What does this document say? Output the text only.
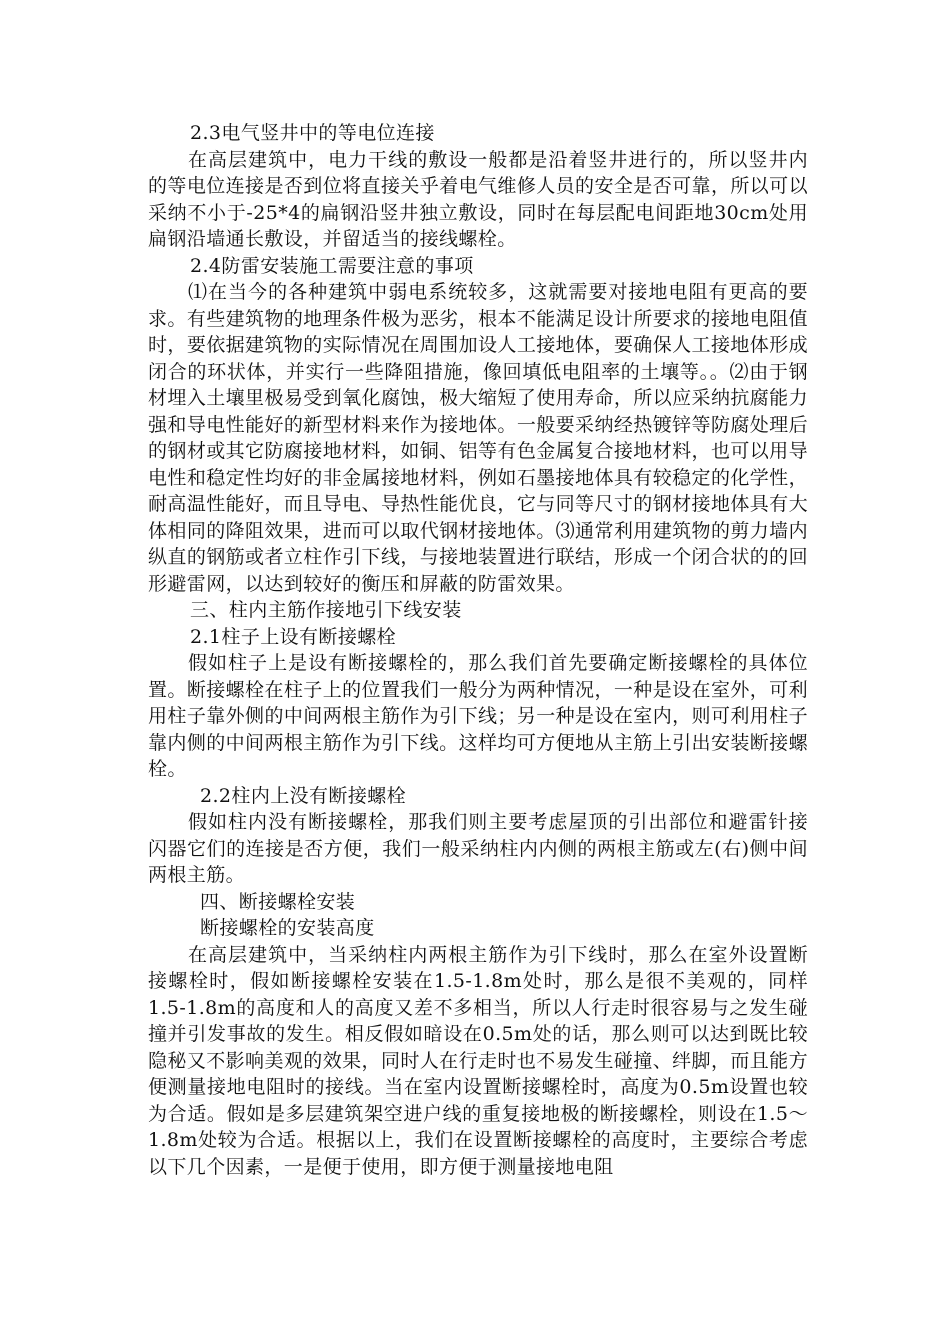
2.3电气竖井中的等电位连接

在高层建筑中，电力干线的敷设一般都是沿着竖井进行的，所以竖井内的等电位连接是否到位将直接关乎着电气维修人员的安全是否可靠，所以可以采纳不小于-25*4的扁钢沿竖井独立敷设，同时在每层配电间距地30cm处用扁钢沿墙通长敷设，并留适当的接线螺栓。

2.4防雷安装施工需要注意的事项

⑴在当今的各种建筑中弱电系统较多，这就需要对接地电阻有更高的要求。有些建筑物的地理条件极为恶劣，根本不能满足设计所要求的接地电阻值时，要依据建筑物的实际情况在周围加设人工接地体，要确保人工接地体形成闭合的环状体，并实行一些降阻措施，像回填低电阻率的土壤等。。⑵由于钢材埋入土壤里极易受到氧化腐蚀，极大缩短了使用寿命，所以应采纳抗腐能力强和导电性能好的新型材料来作为接地体。一般要采纳经热镀锌等防腐处理后的钢材或其它防腐接地材料，如铜、铝等有色金属复合接地材料，也可以用导电性和稳定性均好的非金属接地材料，例如石墨接地体具有较稳定的化学性，耐高温性能好，而且导电、导热性能优良，它与同等尺寸的钢材接地体具有大体相同的降阻效果，进而可以取代钢材接地体。⑶通常利用建筑物的剪力墙内纵直的钢筋或者立柱作引下线，与接地装置进行联结，形成一个闭合状的的回形避雷网，以达到较好的衡压和屏蔽的防雷效果。

三、柱内主筋作接地引下线安装

2.1柱子上设有断接螺栓

假如柱子上是设有断接螺栓的，那么我们首先要确定断接螺栓的具体位置。断接螺栓在柱子上的位置我们一般分为两种情况，一种是设在室外，可利用柱子靠外侧的中间两根主筋作为引下线；另一种是设在室内，则可利用柱子靠内侧的中间两根主筋作为引下线。这样均可方便地从主筋上引出安装断接螺栓。

2.2柱内上没有断接螺栓

假如柱内没有断接螺栓，那我们则主要考虑屋顶的引出部位和避雷针接闪器它们的连接是否方便，我们一般采纳柱内内侧的两根主筋或左(右)侧中间两根主筋。

四、断接螺栓安装

断接螺栓的安装高度

在高层建筑中，当采纳柱内两根主筋作为引下线时，那么在室外设置断接螺栓时，假如断接螺栓安装在1.5-1.8m处时，那么是很不美观的，同样1.5-1.8m的高度和人的高度又差不多相当，所以人行走时很容易与之发生碰撞并引发事故的发生。相反假如暗设在0.5m处的话，那么则可以达到既比较隐秘又不影响美观的效果，同时人在行走时也不易发生碰撞、绊脚，而且能方便测量接地电阻时的接线。当在室内设置断接螺栓时，高度为0.5m设置也较为合适。假如是多层建筑架空进户线的重复接地极的断接螺栓，则设在1.5～1.8m处较为合适。根据以上，我们在设置断接螺栓的高度时，主要综合考虑以下几个因素，一是便于使用，即方便于测量接地电阻
